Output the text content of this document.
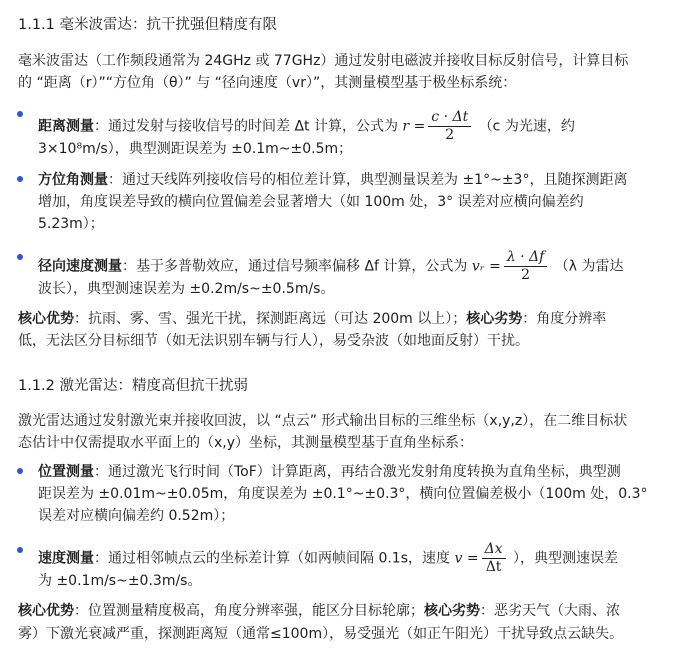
1.1.1 毫米波雷达：抗干扰强但精度有限
毫米波雷达（工作频段通常为 24GHz 或 77GHz）通过发射电磁波并接收目标反射信号，计算目标
的 “距离（r）”“方位角（θ）” 与 “径向速度（vr）”，其测量模型基于极坐标系统：
距离测量：通过发射与接收信号的时间差 Δt 计算，公式为 $r = \frac{c \cdot \Delta t}{2} (c$ 为光速，约
3×10⁸m/s），典型测距误差为 ±0.1m~±0.5m；
方位角测量：通过天线阵列接收信号的相位差计算，典型测量误差为 ±1°~±3°，且随探测距离
增加，角度误差导致的横向位置偏差会显著增大（如 100m 处，3° 误差对应横向偏差约
5.23m）；
径向速度测量：基于多普勒效应，通过信号频率偏移 Δf 计算，公式为 vᵣ = $\frac{\lambda \cdot \Delta f}{2} (\lambda$ 为雷达
波长），典型测速误差为 ±0.2m/s~±0.5m/s。
核心优势：抗雨、雾、雪、强光干扰，探测距离远（可达 200m 以上）；核心劣势：角度分辨率
低，无法区分目标细节（如无法识别车辆与行人），易受杂波（如地面反射）干扰。
1.1.2 激光雷达：精度高但抗干扰弱
激光雷达通过发射激光束并接收回波，以 “点云” 形式输出目标的三维坐标（x,y,z），在二维目标状
态估计中仅需提取水平面上的（x,y）坐标，其测量模型基于直角坐标系：
位置测量：通过激光飞行时间（ToF）计算距离，再结合激光发射角度转换为直角坐标，典型测
距误差为 ±0.01m~±0.05m，角度误差为 ±0.1°~±0.3°，横向位置偏差极小（100m 处，0.3°
误差对应横向偏差约 0.52m）；
速度测量：通过相邻帧点云的坐标差计算（如两帧间隔 0.1s，速度 $v = \frac{\Delta x}{\Delta t}$ ），典型测速误差
为 ±0.1m/s~±0.3m/s。
核心优势：位置测量精度极高，角度分辨率强，能区分目标轮廓；核心劣势：恶劣天气（大雨、浓
雾）下激光衰减严重，探测距离短（通常≤100m），易受强光（如正午阳光）干扰导致点云缺失。
